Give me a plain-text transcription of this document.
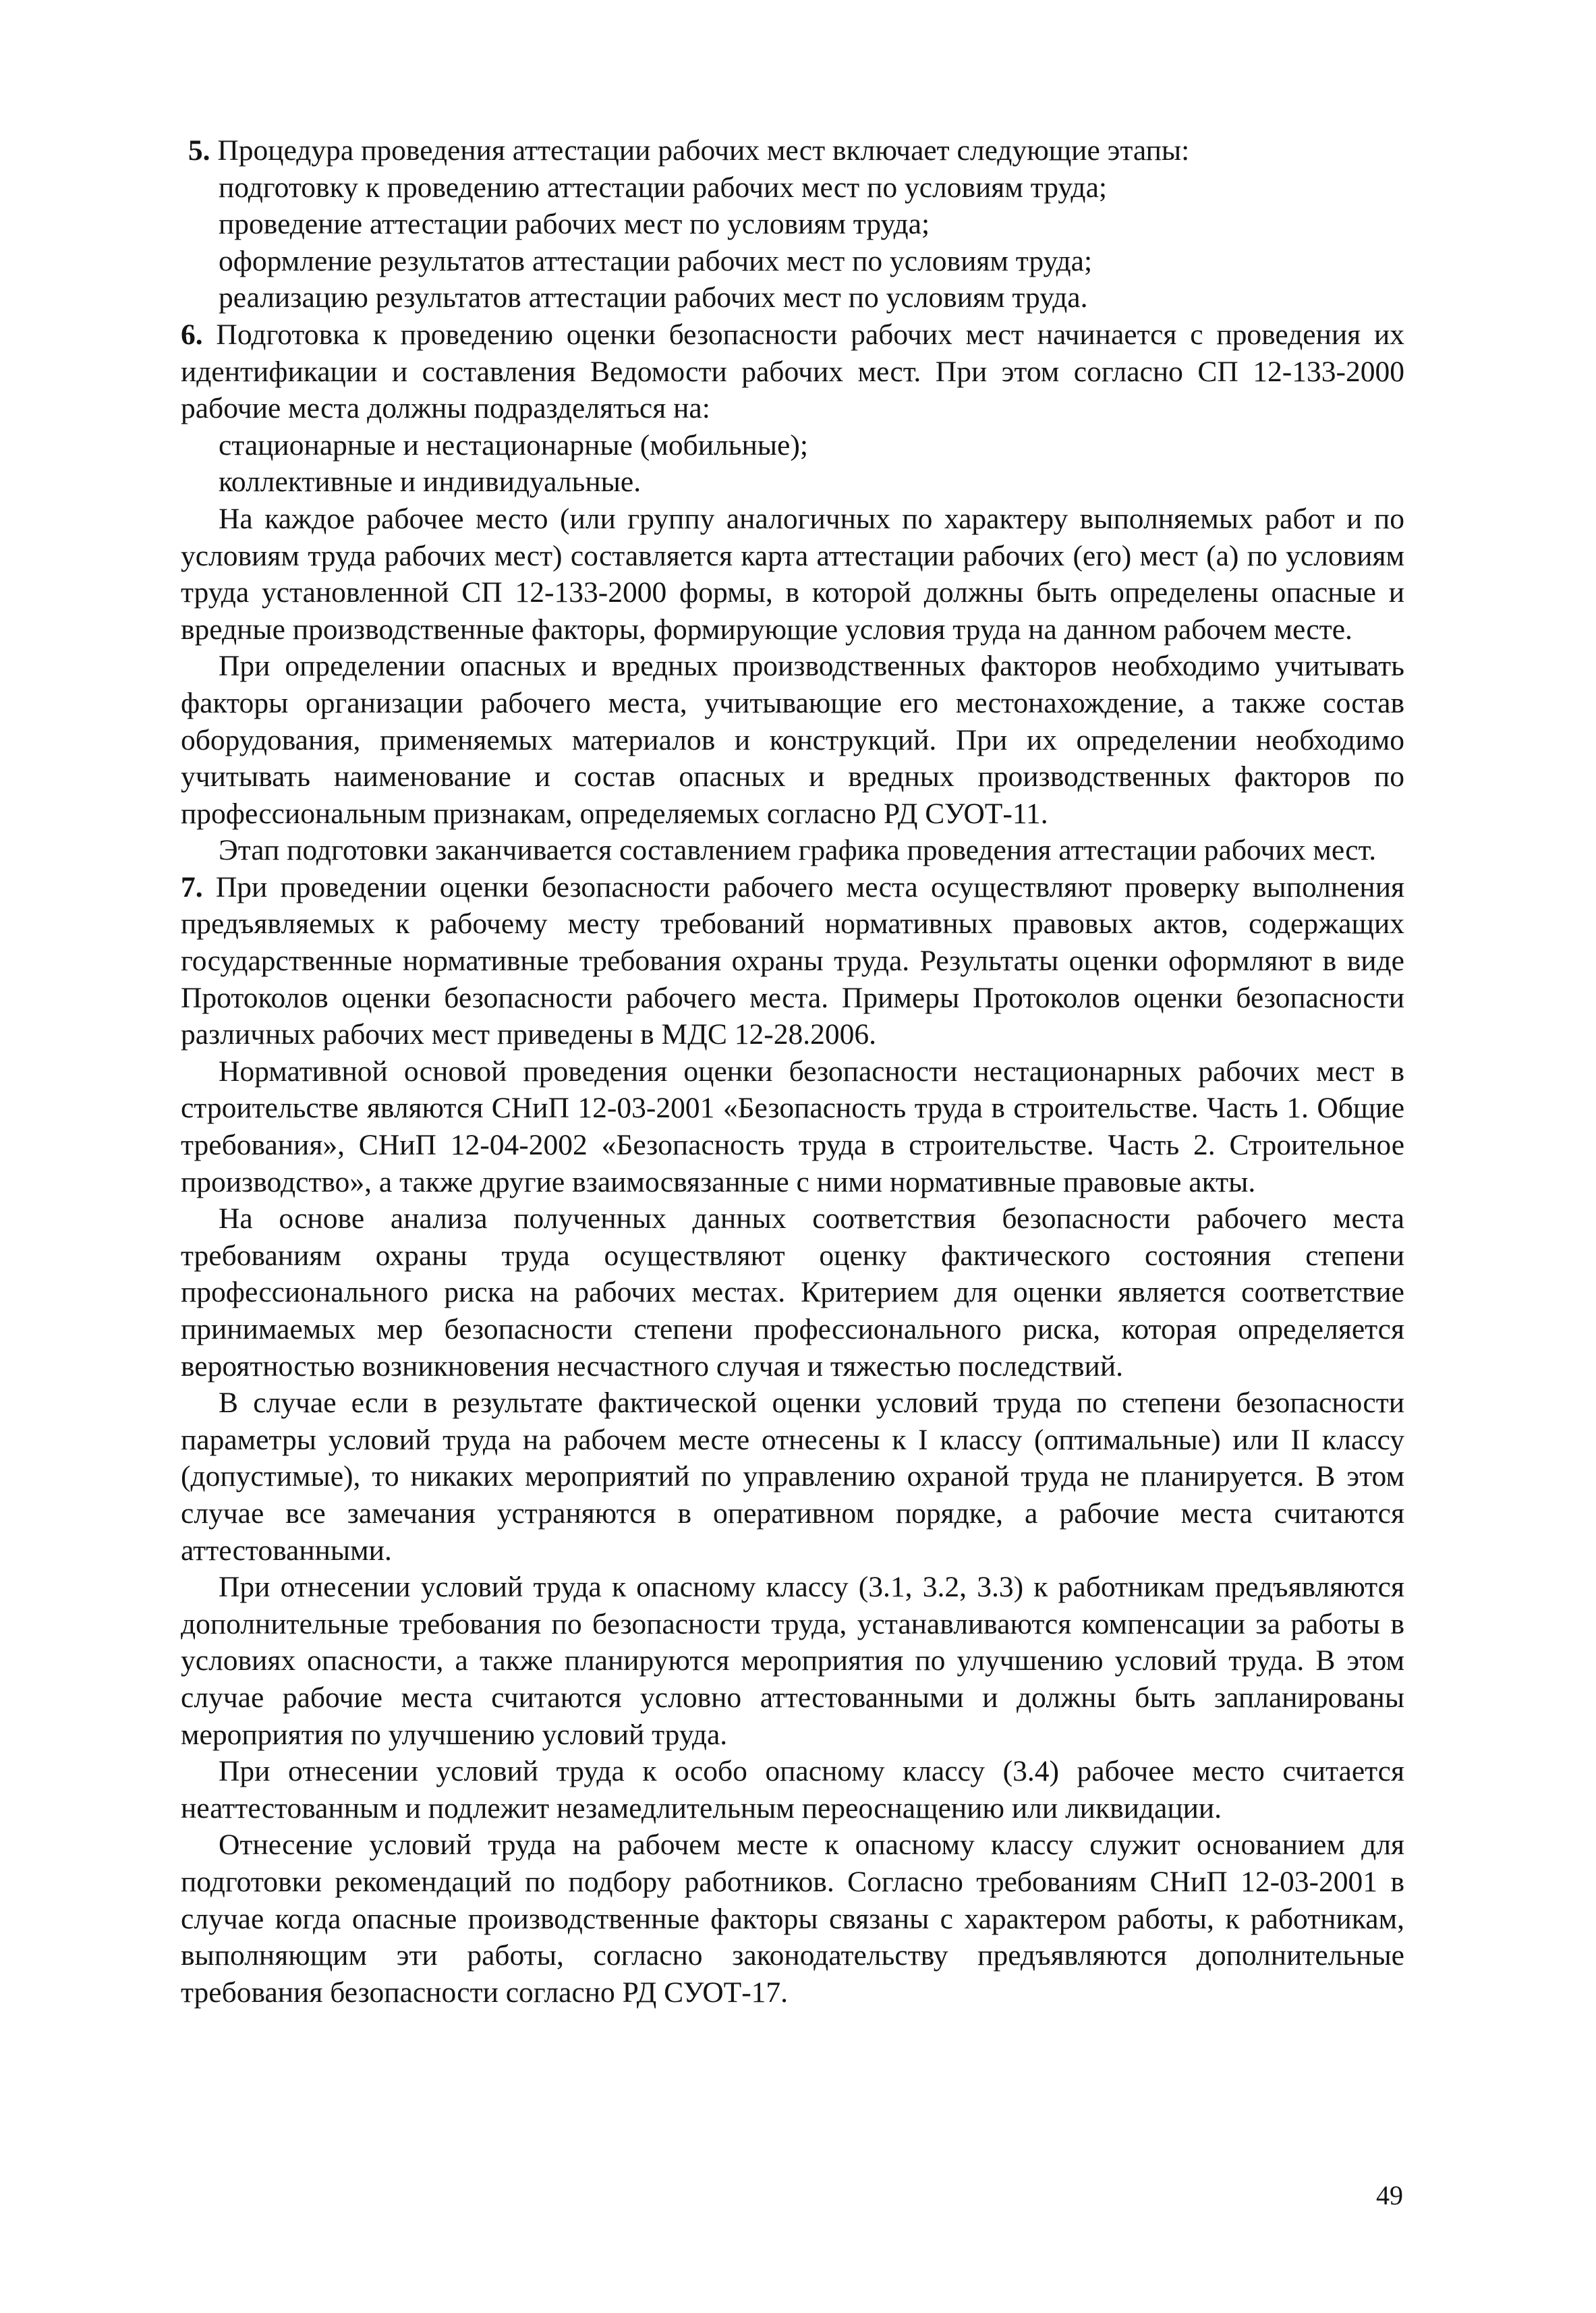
5. Процедура проведения аттестации рабочих мест включает следующие этапы:

подготовку к проведению аттестации рабочих мест по условиям труда;

проведение аттестации рабочих мест по условиям труда;

оформление результатов аттестации рабочих мест по условиям труда;

реализацию результатов аттестации рабочих мест по условиям труда.

6. Подготовка к проведению оценки безопасности рабочих мест начинается с проведения их идентификации и составления Ведомости рабочих мест. При этом согласно СП 12-133-2000 рабочие места должны подразделяться на:

стационарные и нестационарные (мобильные);

коллективные и индивидуальные.

На каждое рабочее место (или группу аналогичных по характеру выполняемых работ и по условиям труда рабочих мест) составляется карта аттестации рабочих (его) мест (а) по условиям труда установленной СП 12-133-2000 формы, в которой должны быть определены опасные и вредные производственные факторы, формирующие условия труда на данном рабочем месте.

При определении опасных и вредных производственных факторов необходимо учитывать факторы организации рабочего места, учитывающие его местонахождение, а также состав оборудования, применяемых материалов и конструкций. При их определении необходимо учитывать наименование и состав опасных и вредных производственных факторов по профессиональным признакам, определяемых согласно РД СУОТ-11.

Этап подготовки заканчивается составлением графика проведения аттестации рабочих мест.

7. При проведении оценки безопасности рабочего места осуществляют проверку выполнения предъявляемых к рабочему месту требований нормативных правовых актов, содержащих государственные нормативные требования охраны труда. Результаты оценки оформляют в виде Протоколов оценки безопасности рабочего места. Примеры Протоколов оценки безопасности различных рабочих мест приведены в МДС 12-28.2006.

Нормативной основой проведения оценки безопасности нестационарных рабочих мест в строительстве являются СНиП 12-03-2001 «Безопасность труда в строительстве. Часть 1. Общие требования», СНиП 12-04-2002 «Безопасность труда в строительстве. Часть 2. Строительное производство», а также другие взаимосвязанные с ними нормативные правовые акты.

На основе анализа полученных данных соответствия безопасности рабочего места требованиям охраны труда осуществляют оценку фактического состояния степени профессионального риска на рабочих местах. Критерием для оценки является соответствие принимаемых мер безопасности степени профессионального риска, которая определяется вероятностью возникновения несчастного случая и тяжестью последствий.

В случае если в результате фактической оценки условий труда по степени безопасности параметры условий труда на рабочем месте отнесены к I классу (оптимальные) или II классу (допустимые), то никаких мероприятий по управлению охраной труда не планируется. В этом случае все замечания устраняются в оперативном порядке, а рабочие места считаются аттестованными.

При отнесении условий труда к опасному классу (3.1, 3.2, 3.3) к работникам предъявляются дополнительные требования по безопасности труда, устанавливаются компенсации за работы в условиях опасности, а также планируются мероприятия по улучшению условий труда. В этом случае рабочие места считаются условно аттестованными и должны быть запланированы мероприятия по улучшению условий труда.

При отнесении условий труда к особо опасному классу (3.4) рабочее место считается неаттестованным и подлежит незамедлительным переоснащению или ликвидации.

Отнесение условий труда на рабочем месте к опасному классу служит основанием для подготовки рекомендаций по подбору работников. Согласно требованиям СНиП 12-03-2001 в случае когда опасные производственные факторы связаны с характером работы, к работникам, выполняющим эти работы, согласно законодательству предъявляются дополнительные требования безопасности согласно РД СУОТ-17.

49
